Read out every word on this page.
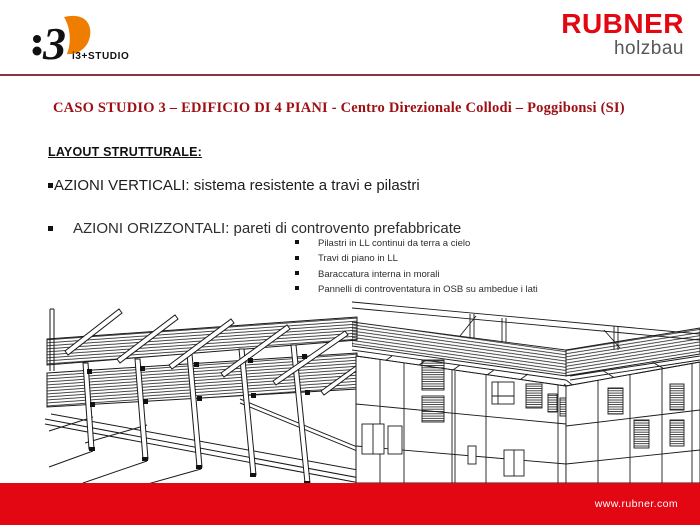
3 i3+STUDIO
RUBNER
holzbau
CASO STUDIO 3 – EDIFICIO DI 4 PIANI - Centro Direzionale Collodi – Poggibonsi (SI)
LAYOUT STRUTTURALE:
AZIONI VERTICALI: sistema resistente a travi e pilastri
AZIONI ORIZZONTALI: pareti di controvento prefabbricate
Pilastri in LL continui da terra a cielo
Travi di piano in LL
Baraccatura interna in morali
Pannelli di controventatura in OSB su ambedue i lati
www.rubner.com
